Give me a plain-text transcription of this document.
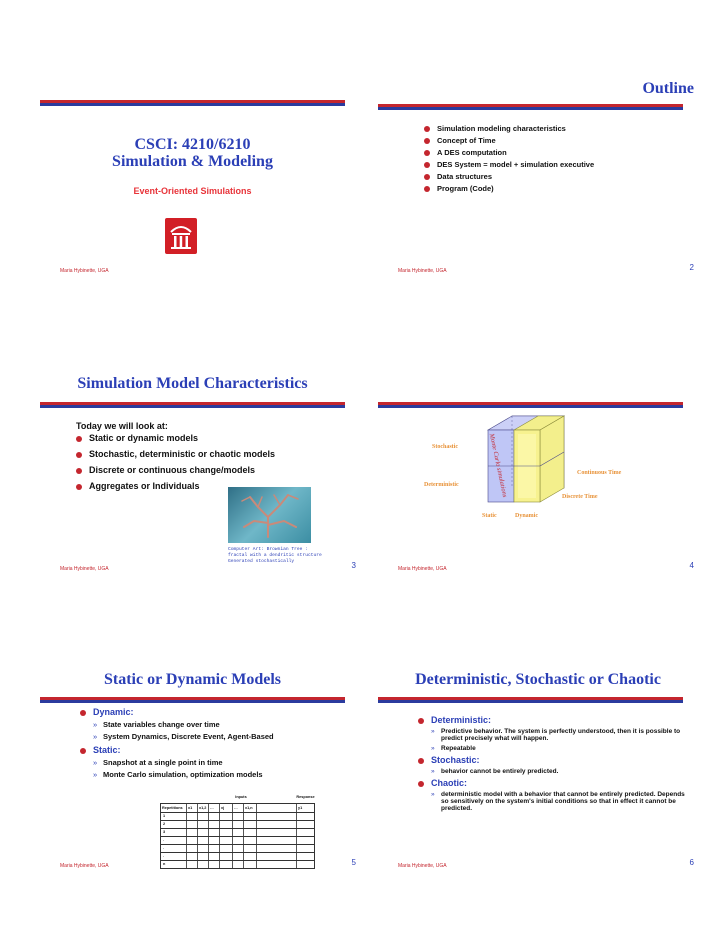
CSCI: 4210/6210
Simulation & Modeling
Event-Oriented Simulations
Maria Hybinette, UGA
Outline
Simulation modeling characteristics
Concept of Time
A DES computation
DES System = model + simulation executive
Data structures
Program (Code)
Maria Hybinette, UGA	2
Simulation Model Characteristics
Today we will look at:
Static or dynamic models
Stochastic, deterministic or chaotic models
Discrete or continuous change/models
Aggregates or Individuals
Computer Art: Brownian Tree :
fractal with a dendritic structure
Generated stochastically
Maria Hybinette, UGA	3
Stochastic
Deterministic
Continuous Time
Discrete Time
Static	Dynamic
Monte Carlo simulations
Maria Hybinette, UGA	4
Static or Dynamic Models
Dynamic:
» State variables change over time
» System Dynamics, Discrete Event, Agent-Based
Static:
» Snapshot at a single point in time
» Monte Carlo simulation, optimization models
Inputs	Response
Repetitions	x1	x1,2 …	xj	…	x1,n	y1
1
2
3
.
.
.
n
Maria Hybinette, UGA	5
Deterministic, Stochastic or Chaotic
Deterministic:
» Predictive behavior. The system is perfectly understood, then it is possible to predict precisely what will happen.
» Repeatable
Stochastic:
» behavior cannot be entirely predicted.
Chaotic:
» deterministic model with a behavior that cannot be entirely predicted. Depends so sensitively on the system's initial conditions so that in effect it cannot be predicted.
Maria Hybinette, UGA	6
